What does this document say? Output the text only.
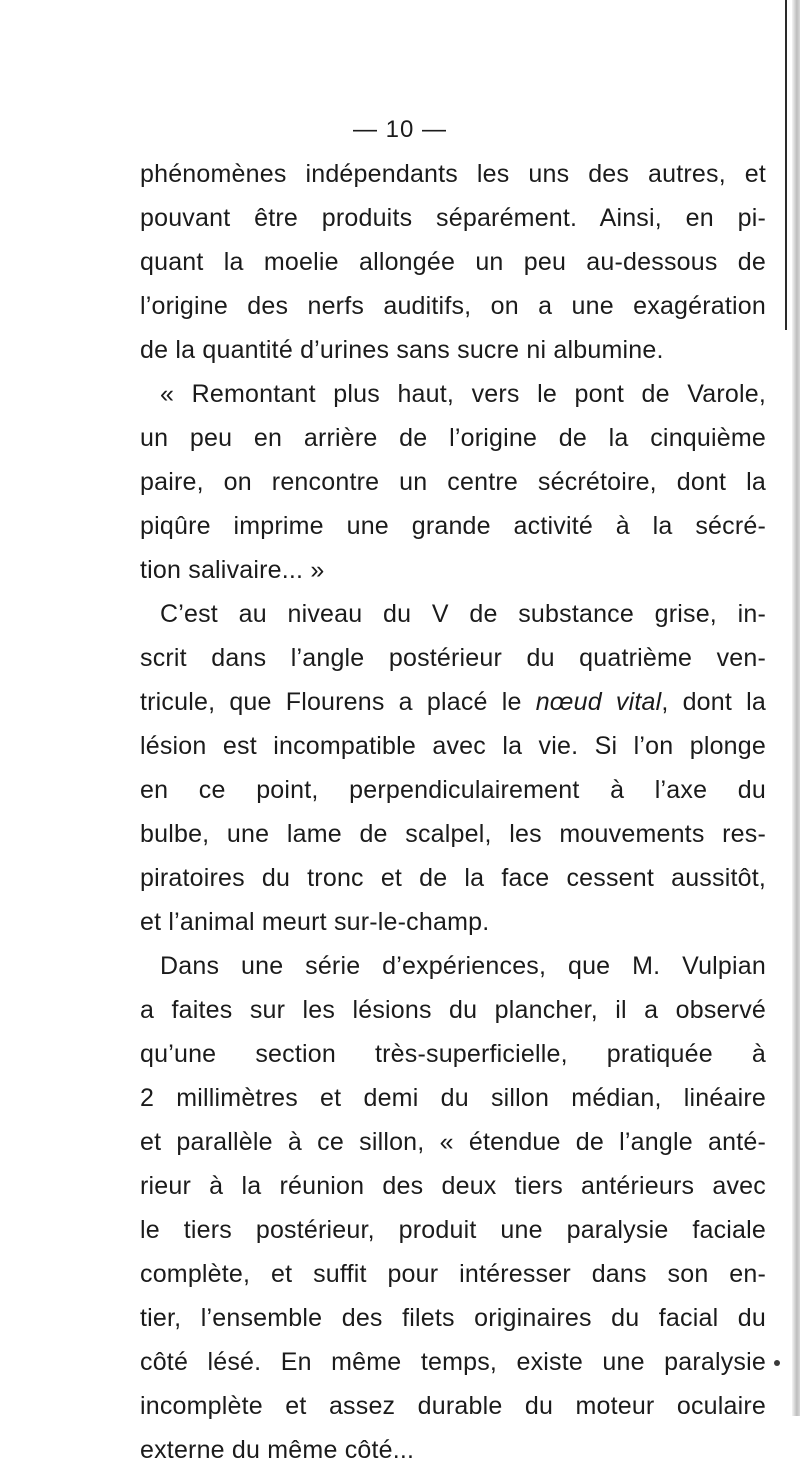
— 10 —
phénomènes indépendants les uns des autres, et
pouvant être produits séparément. Ainsi, en pi-
quant la moelie allongée un peu au-dessous de
l’origine des nerfs auditifs, on a une exagération
de la quantité d’urines sans sucre ni albumine.
« Remontant plus haut, vers le pont de Varole,
un peu en arrière de l’origine de la cinquième
paire, on rencontre un centre sécrétoire, dont la
piqûre imprime une grande activité à la sécré-
tion salivaire... »
C’est au niveau du V de substance grise, in-
scrit dans l’angle postérieur du quatrième ven-
tricule, que Flourens a placé le nœud vital, dont la
lésion est incompatible avec la vie. Si l’on plonge
en ce point, perpendiculairement à l’axe du
bulbe, une lame de scalpel, les mouvements res-
piratoires du tronc et de la face cessent aussitôt,
et l’animal meurt sur-le-champ.
Dans une série d’expériences, que M. Vulpian
a faites sur les lésions du plancher, il a observé
qu’une section très-superficielle, pratiquée à
2 millimètres et demi du sillon médian, linéaire
et parallèle à ce sillon, « étendue de l’angle anté-
rieur à la réunion des deux tiers antérieurs avec
le tiers postérieur, produit une paralysie faciale
complète, et suffit pour intéresser dans son en-
tier, l’ensemble des filets originaires du facial du
côté lésé. En même temps, existe une paralysie
incomplète et assez durable du moteur oculaire
externe du même côté...
